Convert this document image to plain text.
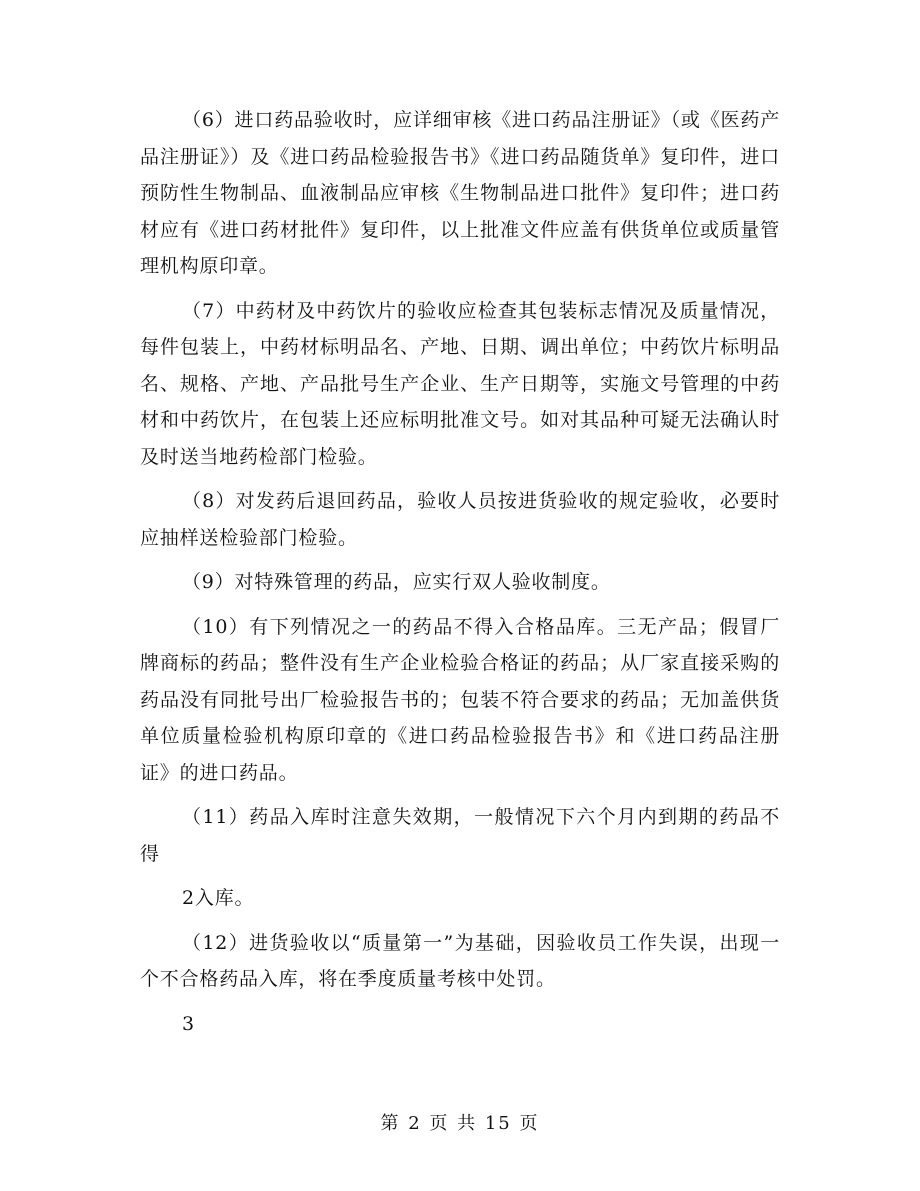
（6）进口药品验收时，应详细审核《进口药品注册证》（或《医药产品注册证》）及《进口药品检验报告书》《进口药品随货单》复印件，进口预防性生物制品、血液制品应审核《生物制品进口批件》复印件；进口药材应有《进口药材批件》复印件，以上批准文件应盖有供货单位或质量管理机构原印章。

（7）中药材及中药饮片的验收应检查其包装标志情况及质量情况，每件包装上，中药材标明品名、产地、日期、调出单位；中药饮片标明品名、规格、产地、产品批号生产企业、生产日期等，实施文号管理的中药材和中药饮片，在包装上还应标明批准文号。如对其品种可疑无法确认时及时送当地药检部门检验。

（8）对发药后退回药品，验收人员按进货验收的规定验收，必要时应抽样送检验部门检验。

（9）对特殊管理的药品，应实行双人验收制度。

（10）有下列情况之一的药品不得入合格品库。三无产品；假冒厂牌商标的药品；整件没有生产企业检验合格证的药品；从厂家直接采购的药品没有同批号出厂检验报告书的；包装不符合要求的药品；无加盖供货单位质量检验机构原印章的《进口药品检验报告书》和《进口药品注册证》的进口药品。

（11）药品入库时注意失效期，一般情况下六个月内到期的药品不得

2入库。

（12）进货验收以“质量第一”为基础，因验收员工作失误，出现一个不合格药品入库，将在季度质量考核中处罚。

3

第 2 页 共 15 页
